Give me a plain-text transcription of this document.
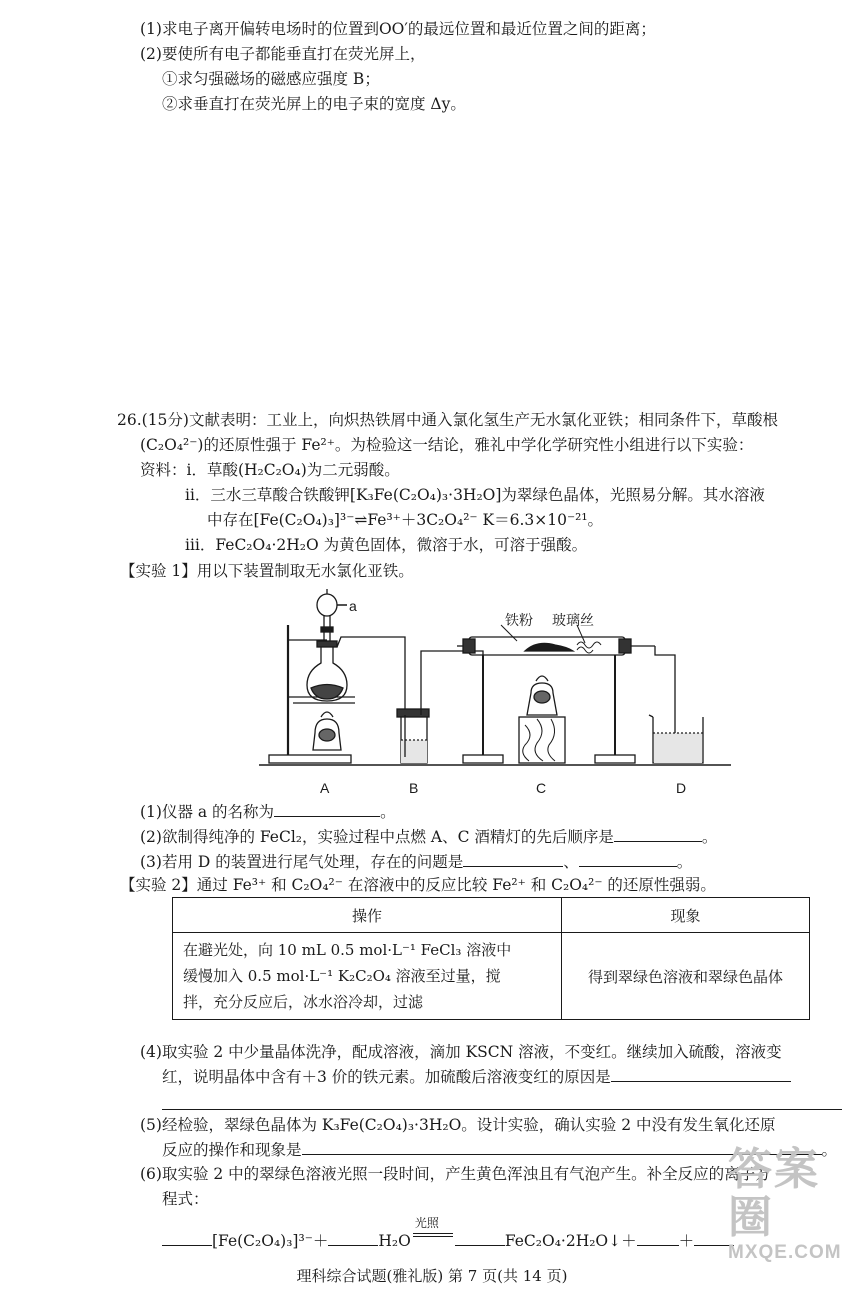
(1)求电子离开偏转电场时的位置到OO′的最远位置和最近位置之间的距离；
(2)要使所有电子都能垂直打在荧光屏上，
①求匀强磁场的磁感应强度 B；
②求垂直打在荧光屏上的电子束的宽度 Δy。
26.(15分)文献表明：工业上，向炽热铁屑中通入氯化氢生产无水氯化亚铁；相同条件下，草酸根
(C₂O₄²⁻)的还原性强于 Fe²⁺。为检验这一结论，雅礼中学化学研究性小组进行以下实验：
资料：ⅰ．草酸(H₂C₂O₄)为二元弱酸。
ⅱ．三水三草酸合铁酸钾[K₃Fe(C₂O₄)₃·3H₂O]为翠绿色晶体，光照易分解。其水溶液
中存在[Fe(C₂O₄)₃]³⁻⇌Fe³⁺＋3C₂O₄²⁻ K＝6.3×10⁻²¹。
ⅲ．FeC₂O₄·2H₂O 为黄色固体，微溶于水，可溶于强酸。
【实验 1】用以下装置制取无水氯化亚铁。
a
铁粉 玻璃丝
A	B	C	D
(1)仪器 a 的名称为	。
(2)欲制得纯净的 FeCl₂，实验过程中点燃 A、C 酒精灯的先后顺序是	。
(3)若用 D 的装置进行尾气处理，存在的问题是	、	。
【实验 2】通过 Fe³⁺ 和 C₂O₄²⁻ 在溶液中的反应比较 Fe²⁺ 和 C₂O₄²⁻ 的还原性强弱。
操作	现象

在避光处，向 10 mL 0.5 mol·L⁻¹ FeCl₃ 溶液中
缓慢加入 0.5 mol·L⁻¹ K₂C₂O₄ 溶液至过量，搅
拌，充分反应后，冰水浴冷却，过滤	得到翠绿色溶液和翠绿色晶体
(4)取实验 2 中少量晶体洗净，配成溶液，滴加 KSCN 溶液，不变红。继续加入硫酸，溶液变
红，说明晶体中含有＋3 价的铁元素。加硫酸后溶液变红的原因是
(5)经检验，翠绿色晶体为 K₃Fe(C₂O₄)₃·3H₂O。设计实验，确认实验 2 中没有发生氧化还原
反应的操作和现象是	。
(6)取实验 2 中的翠绿色溶液光照一段时间，产生黄色浑浊且有气泡产生。补全反应的离子方
程式：
[Fe(C₂O₄)₃]³⁻＋	H₂O
光照
FeC₂O₄·2H₂O↓＋	＋
理科综合试题(雅礼版) 第 7 页(共 14 页)
答案圈
MXQE.COM
